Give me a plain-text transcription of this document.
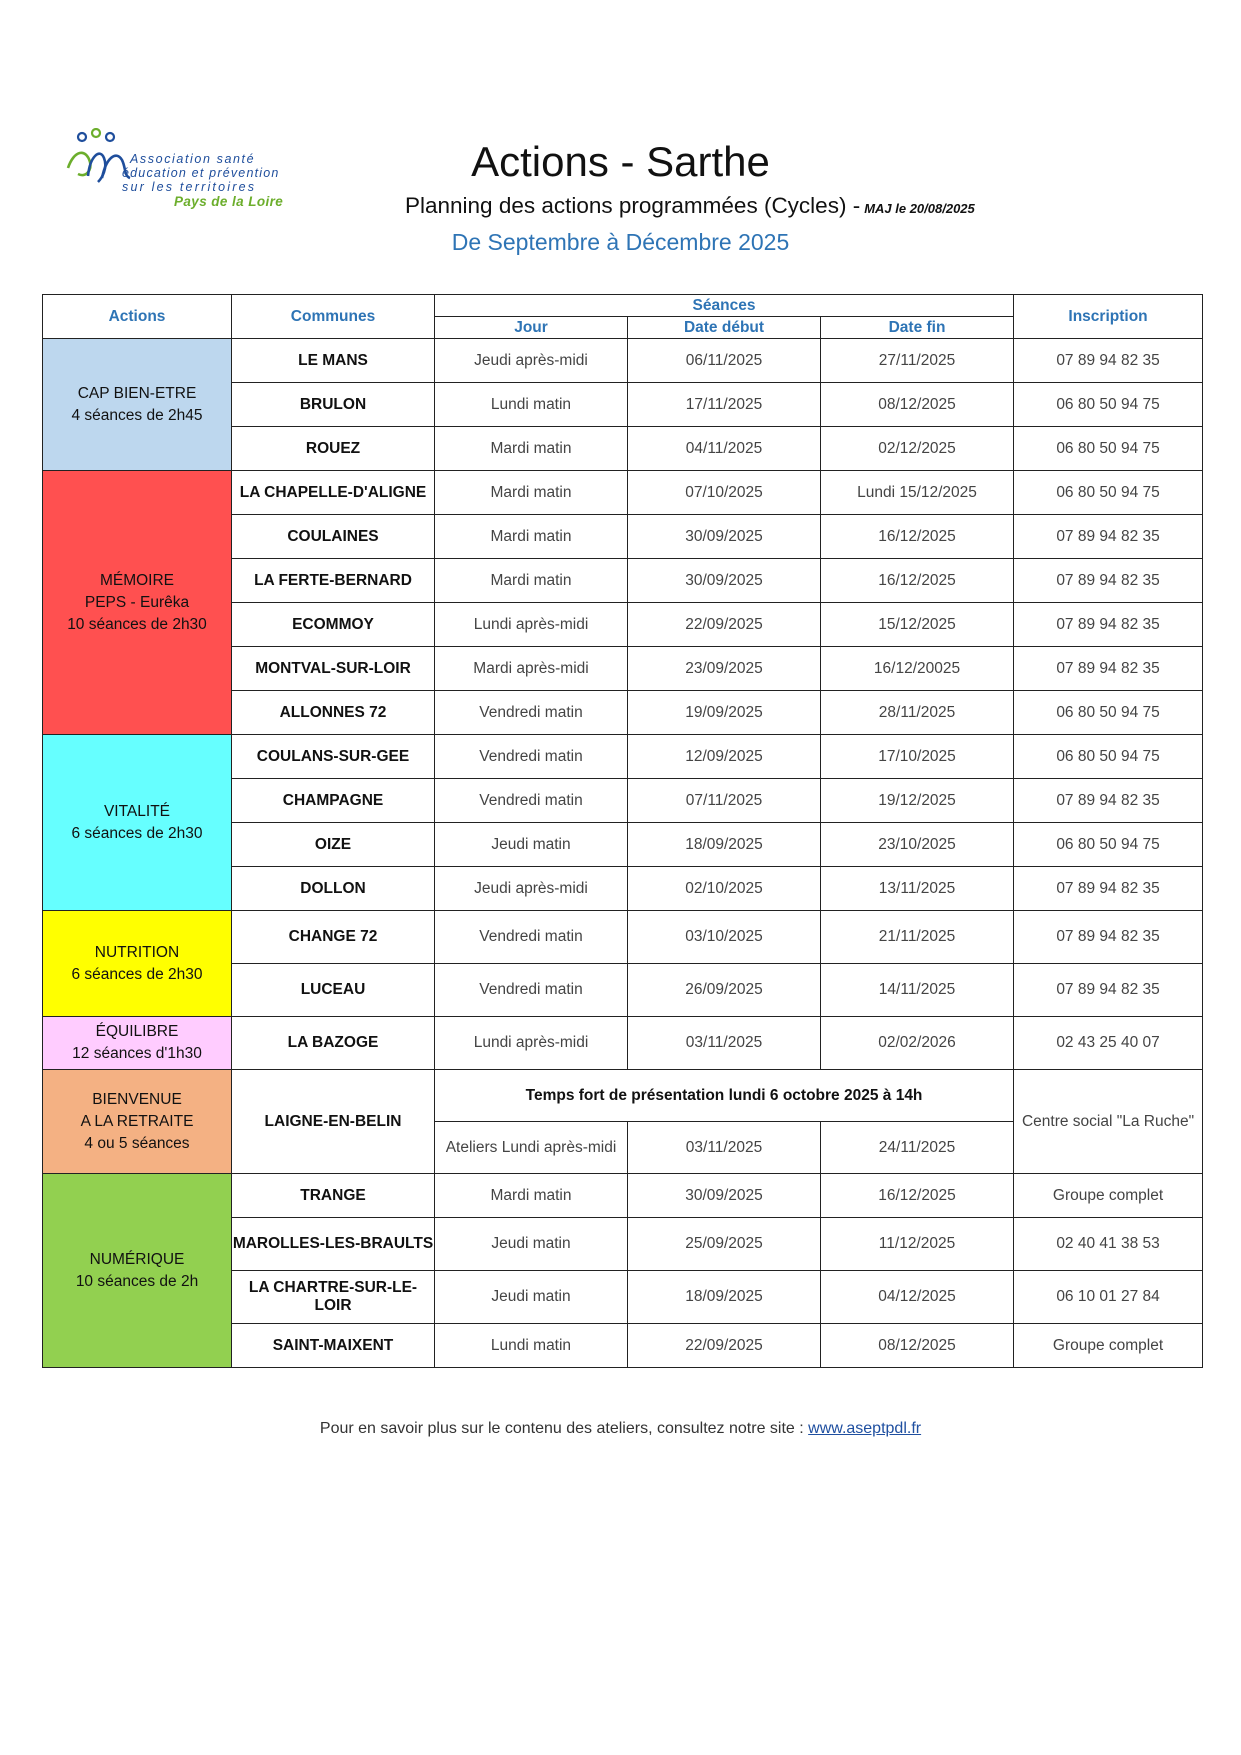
Association santé
éducation et prévention
sur les territoires
Pays de la Loire
Actions - Sarthe
Planning des actions programmées (Cycles) - MAJ le 20/08/2025
De Septembre à Décembre 2025
Actions	Communes	Séances			Inscription
		Jour	Date début	Date fin	

CAP BIEN-ETRE
4 séances de 2h45	LE MANS	Jeudi après-midi	06/11/2025	27/11/2025	07 89 94 82 35
	BRULON	Lundi matin	17/11/2025	08/12/2025	06 80 50 94 75
	ROUEZ	Mardi matin	04/11/2025	02/12/2025	06 80 50 94 75

MÉMOIRE
PEPS - Eurêka
10 séances de 2h30	LA CHAPELLE-D'ALIGNE	Mardi matin	07/10/2025	Lundi 15/12/2025	06 80 50 94 75
	COULAINES	Mardi matin	30/09/2025	16/12/2025	07 89 94 82 35
	LA FERTE-BERNARD	Mardi matin	30/09/2025	16/12/2025	07 89 94 82 35
	ECOMMOY	Lundi après-midi	22/09/2025	15/12/2025	07 89 94 82 35
	MONTVAL-SUR-LOIR	Mardi après-midi	23/09/2025	16/12/20025	07 89 94 82 35
	ALLONNES 72	Vendredi matin	19/09/2025	28/11/2025	06 80 50 94 75

VITALITÉ
6 séances de 2h30	COULANS-SUR-GEE	Vendredi matin	12/09/2025	17/10/2025	06 80 50 94 75
	CHAMPAGNE	Vendredi matin	07/11/2025	19/12/2025	07 89 94 82 35
	OIZE	Jeudi matin	18/09/2025	23/10/2025	06 80 50 94 75
	DOLLON	Jeudi après-midi	02/10/2025	13/11/2025	07 89 94 82 35

NUTRITION
6 séances de 2h30	CHANGE 72	Vendredi matin	03/10/2025	21/11/2025	07 89 94 82 35
	LUCEAU	Vendredi matin	26/09/2025	14/11/2025	07 89 94 82 35

ÉQUILIBRE
12 séances d'1h30	LA BAZOGE	Lundi après-midi	03/11/2025	02/02/2026	02 43 25 40 07

BIENVENUE
A LA RETRAITE
4 ou 5 séances	LAIGNE-EN-BELIN	Temps fort de présentation lundi 6 octobre 2025 à 14h			Centre social "La Ruche"
		Ateliers Lundi après-midi	03/11/2025	24/11/2025	

NUMÉRIQUE
10 séances de 2h	TRANGE	Mardi matin	30/09/2025	16/12/2025	Groupe complet
	MAROLLES-LES-BRAULTS	Jeudi matin	25/09/2025	11/12/2025	02 40 41 38 53
	LA CHARTRE-SUR-LE-LOIR	Jeudi matin	18/09/2025	04/12/2025	06 10 01 27 84
	SAINT-MAIXENT	Lundi matin	22/09/2025	08/12/2025	Groupe complet
Pour en savoir plus sur le contenu des ateliers, consultez notre site : www.aseptpdl.fr
